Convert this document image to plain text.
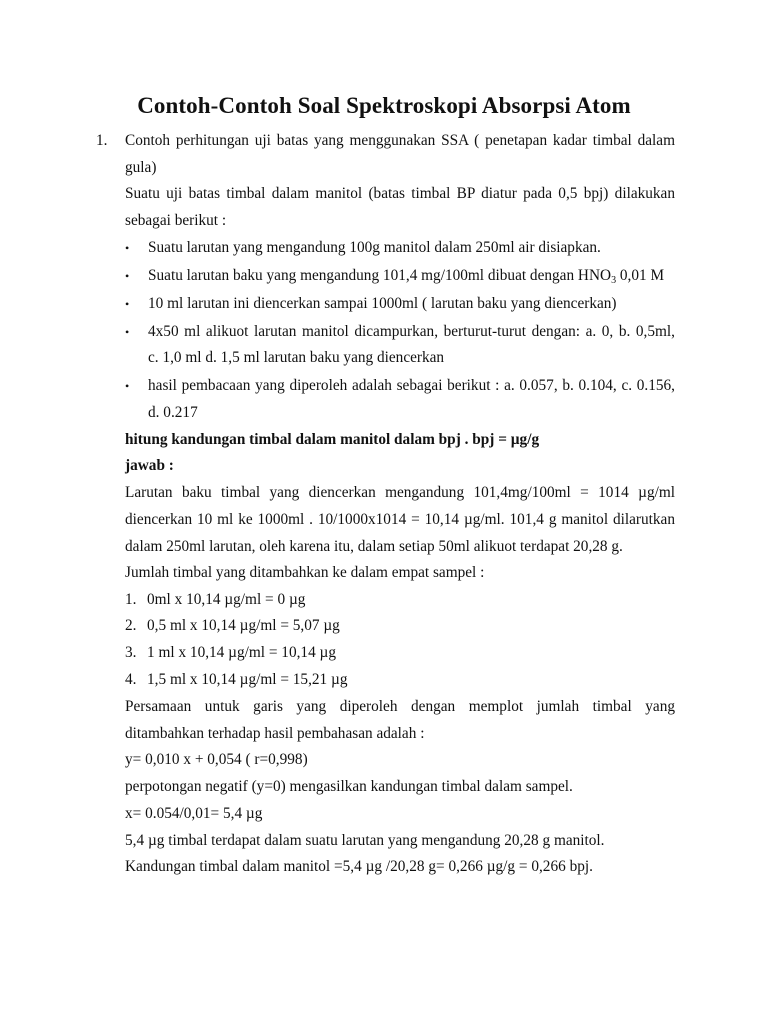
Contoh-Contoh Soal Spektroskopi Absorpsi Atom
1. Contoh perhitungan uji batas yang menggunakan SSA ( penetapan kadar timbal dalam
gula)
Suatu uji batas timbal dalam manitol (batas timbal BP diatur pada 0,5 bpj) dilakukan
sebagai berikut :
• Suatu larutan yang mengandung 100g manitol dalam 250ml air disiapkan.
• Suatu larutan baku yang mengandung 101,4 mg/100ml dibuat dengan $HNO_3$ 0,01 M
• 10 ml larutan ini diencerkan sampai 1000ml ( larutan baku yang diencerkan)
• 4x50 ml alikuot larutan manitol dicampurkan, berturut-turut dengan: a. 0, b. 0,5ml,
c. 1,0 ml d. 1,5 ml larutan baku yang diencerkan
• hasil pembacaan yang diperoleh adalah sebagai berikut : a. 0.057, b. 0.104, c. 0.156,
d. 0.217
hitung kandungan timbal dalam manitol dalam bpj . bpj = µg/g
jawab :
Larutan baku timbal yang diencerkan mengandung 101,4mg/100ml = 1014 µg/ml
diencerkan 10 ml ke 1000ml . 10/1000x1014 = 10,14 µg/ml. 101,4 g manitol dilarutkan
dalam 250ml larutan, oleh karena itu, dalam setiap 50ml alikuot terdapat 20,28 g.
Jumlah timbal yang ditambahkan ke dalam empat sampel :
1. 0ml x 10,14 µg/ml = 0 µg
2. 0,5 ml x 10,14 µg/ml = 5,07 µg
3. 1 ml x 10,14 µg/ml = 10,14 µg
4. 1,5 ml x 10,14 µg/ml = 15,21 µg
Persamaan untuk garis yang diperoleh dengan memplot jumlah timbal yang
ditambahkan terhadap hasil pembahasan adalah :
y= 0,010 x + 0,054 ( r=0,998)
perpotongan negatif (y=0) mengasilkan kandungan timbal dalam sampel.
x= 0.054/0,01= 5,4 µg
5,4 µg timbal terdapat dalam suatu larutan yang mengandung 20,28 g manitol.
Kandungan timbal dalam manitol =5,4 µg /20,28 g= 0,266 µg/g = 0,266 bpj.
